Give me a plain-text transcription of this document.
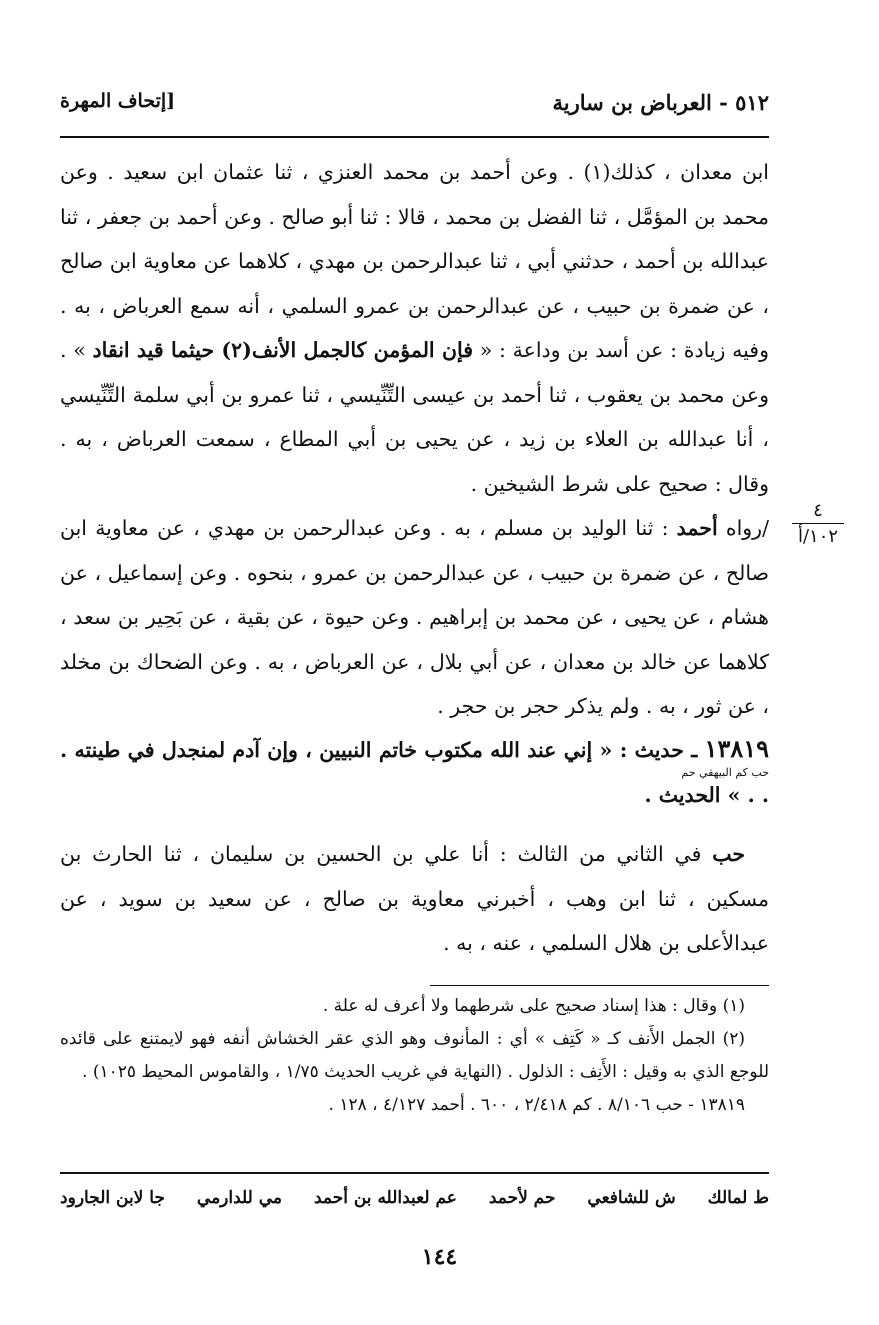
٥١٢ - العرباض بن سارية
[إتحاف المهرة
٤
١٠٢/أ

ابن معدان ، كذلك(١) . وعن أحمد بن محمد العنزي ، ثنا عثمان ابن سعيد . وعن محمد بن المؤمَّل ، ثنا الفضل بن محمد ، قالا : ثنا أبو صالح . وعن أحمد بن جعفر ، ثنا عبدالله بن أحمد ، حدثني أبي ، ثنا عبدالرحمن بن مهدي ، كلاهما عن معاوية ابن صالح ، عن ضمرة بن حبيب ، عن عبدالرحمن بن عمرو السلمي ، أنه سمع العرباض ، به . وفيه زيادة : عن أسد بن وداعة : « فإن المؤمن كالجمل الأنف(٢) حيثما قيد انقاد » . وعن محمد بن يعقوب ، ثنا أحمد بن عيسى التِّنِّيسي ، ثنا عمرو بن أبي سلمة التِّنِّيسي ، أنا عبدالله بن العلاء بن زيد ، عن يحيى بن أبي المطاع ، سمعت العرباض ، به . وقال : صحيح على شرط الشيخين .

/رواه أحمد : ثنا الوليد بن مسلم ، به . وعن عبدالرحمن بن مهدي ، عن معاوية ابن صالح ، عن ضمرة بن حبيب ، عن عبدالرحمن بن عمرو ، بنحوه . وعن إسماعيل ، عن هشام ، عن يحيى ، عن محمد بن إبراهيم . وعن حيوة ، عن بقية ، عن بَحِير بن سعد ، كلاهما عن خالد بن معدان ، عن أبي بلال ، عن العرباض ، به . وعن الضحاك بن مخلد ، عن ثور ، به . ولم يذكر حجر بن حجر .

١٣٨١٩ ـ حديث : « إني عند الله مكتوب خاتم النبيين ، وإن آدم لمنجدل في طينته . . . » الحديث .

حب كم البيهقي حم

حب في الثاني من الثالث : أنا علي بن الحسين بن سليمان ، ثنا الحارث بن مسكين ، ثنا ابن وهب ، أخبرني معاوية بن صالح ، عن سعيد بن سويد ، عن عبدالأعلى بن هلال السلمي ، عنه ، به .

(١) وقال : هذا إسناد صحيح على شرطهما ولا أعرف له علة .

(٢) الجمل الأَنف كـ « كَتِف » أي : المأنوف وهو الذي عقر الخشاش أنفه فهو لايمتنع على قائده للوجع الذي به وقيل : الأَنِف : الذلول . (النهاية في غريب الحديث ١/٧٥ ، والقاموس المحيط ١٠٢٥) .

١٣٨١٩ - حب ٨/١٠٦ . كم ٢/٤١٨ ، ٦٠٠ . أحمد ٤/١٢٧ ، ١٢٨ .

ط لمالك
ش للشافعي
حم لأحمد
عم لعبدالله بن أحمد
مي للدارمي
جا لابن الجارود
١٤٤
